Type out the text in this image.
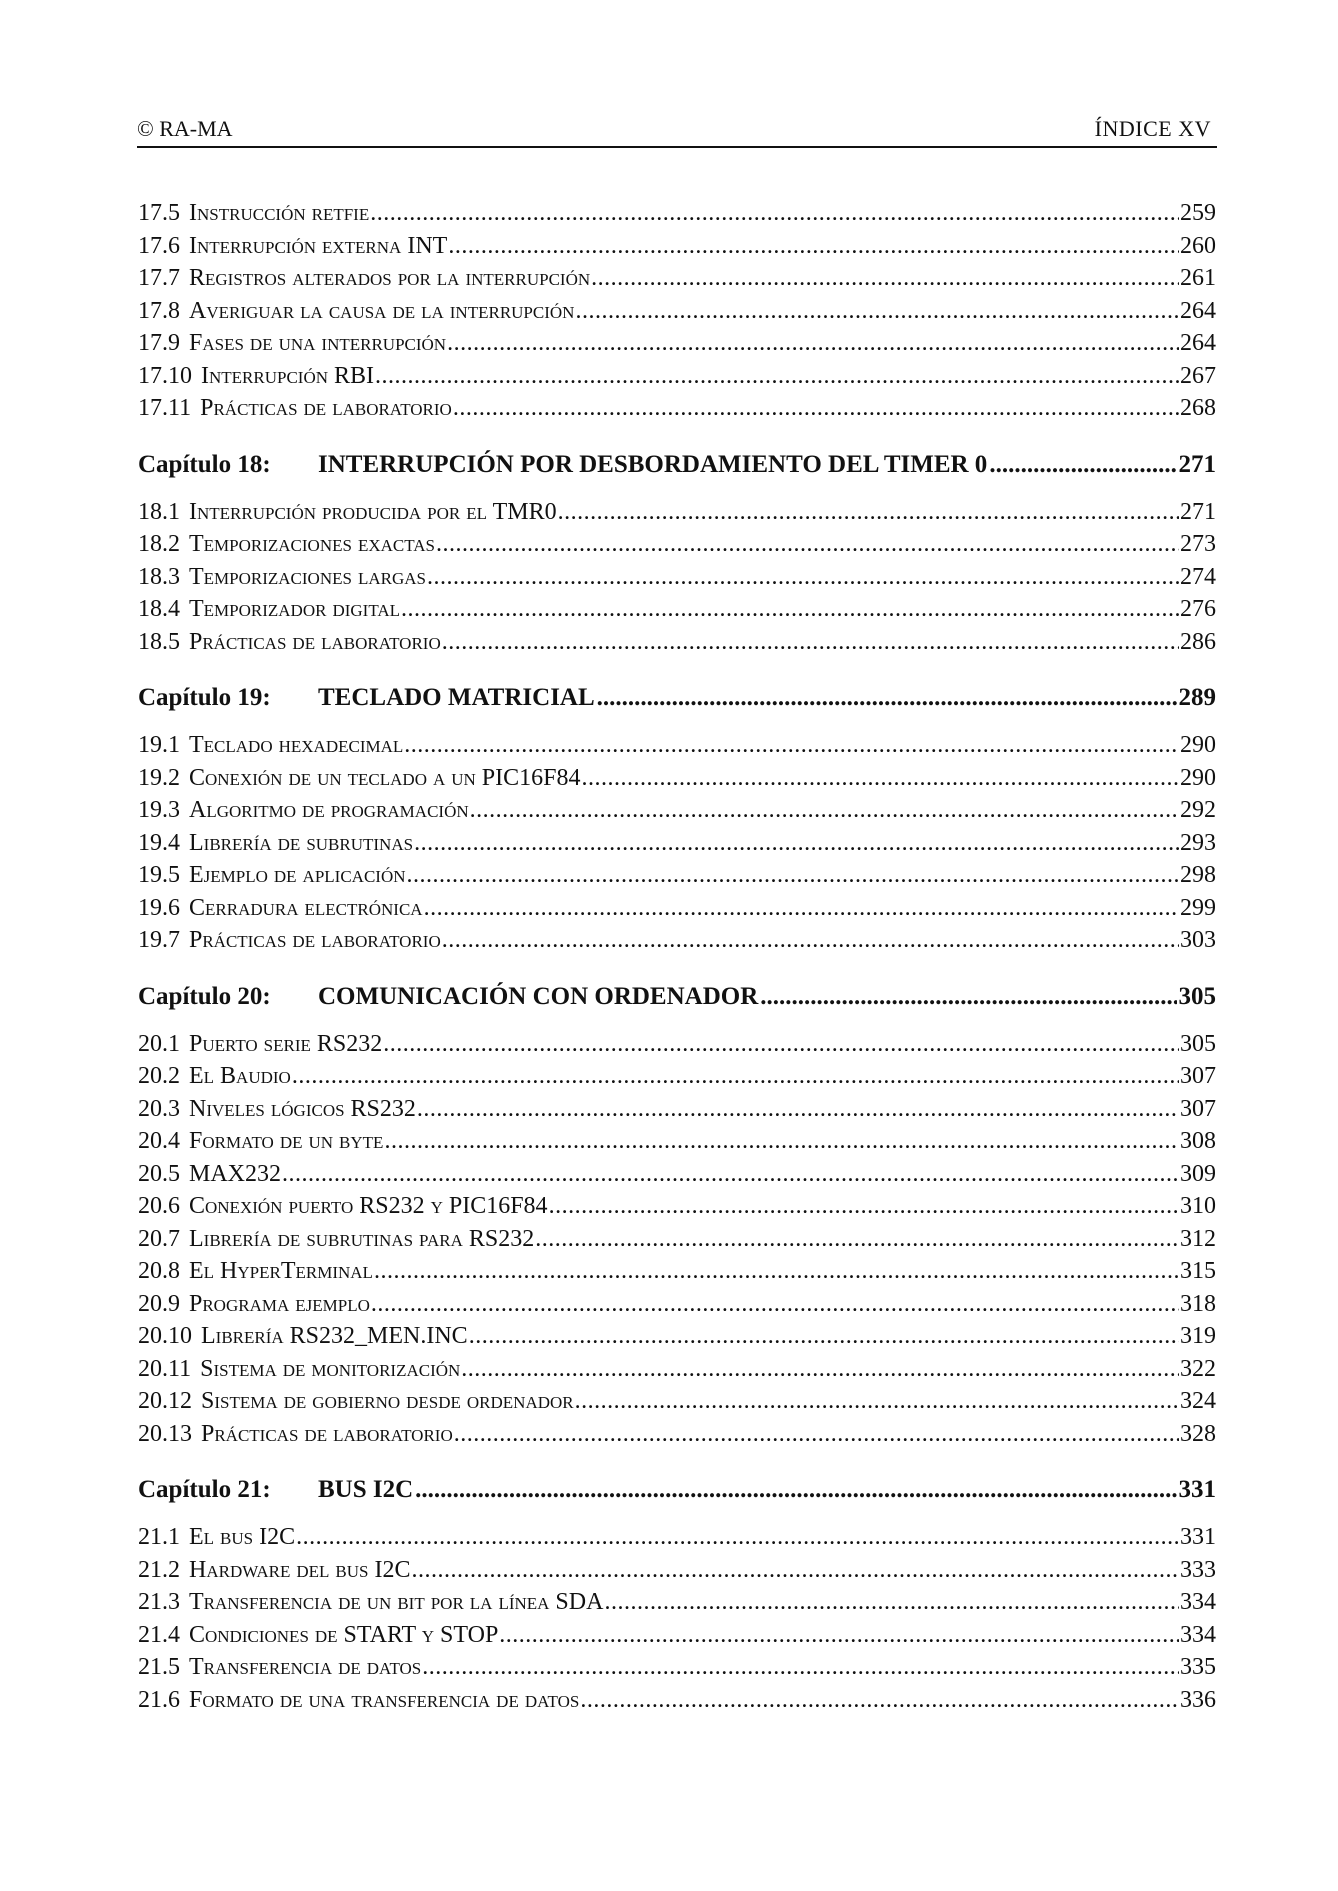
© RA-MA	ÍNDICE XV
17.5 Instrucción retfie .....	259
17.6 Interrupción externa INT .....	260
17.7 Registros alterados por la interrupción .....	261
17.8 Averiguar la causa de la interrupción .....	264
17.9 Fases de una interrupción .....	264
17.10 Interrupción RBI .....	267
17.11 Prácticas de laboratorio .....	268
Capítulo 18:	INTERRUPCIÓN POR DESBORDAMIENTO DEL TIMER 0 .....	271
18.1 Interrupción producida por el TMR0 .....	271
18.2 Temporizaciones exactas .....	273
18.3 Temporizaciones largas .....	274
18.4 Temporizador digital .....	276
18.5 Prácticas de laboratorio .....	286
Capítulo 19:	TECLADO MATRICIAL .....	289
19.1 Teclado hexadecimal .....	290
19.2 Conexión de un teclado a un PIC16F84 .....	290
19.3 Algoritmo de programación .....	292
19.4 Librería de subrutinas .....	293
19.5 Ejemplo de aplicación .....	298
19.6 Cerradura electrónica .....	299
19.7 Prácticas de laboratorio .....	303
Capítulo 20:	COMUNICACIÓN CON ORDENADOR .....	305
20.1 Puerto serie RS232 .....	305
20.2 El Baudio .....	307
20.3 Niveles lógicos RS232 .....	307
20.4 Formato de un byte .....	308
20.5 MAX232 .....	309
20.6 Conexión puerto RS232 y PIC16F84 .....	310
20.7 Librería de subrutinas para RS232 .....	312
20.8 El HyperTerminal .....	315
20.9 Programa ejemplo .....	318
20.10 Librería RS232_MEN.INC .....	319
20.11 Sistema de monitorización .....	322
20.12 Sistema de gobierno desde ordenador .....	324
20.13 Prácticas de laboratorio .....	328
Capítulo 21:	BUS I2C .....	331
21.1 El bus I2C .....	331
21.2 Hardware del bus I2C .....	333
21.3 Transferencia de un bit por la línea SDA .....	334
21.4 Condiciones de START y STOP .....	334
21.5 Transferencia de datos .....	335
21.6 Formato de una transferencia de datos .....	336
